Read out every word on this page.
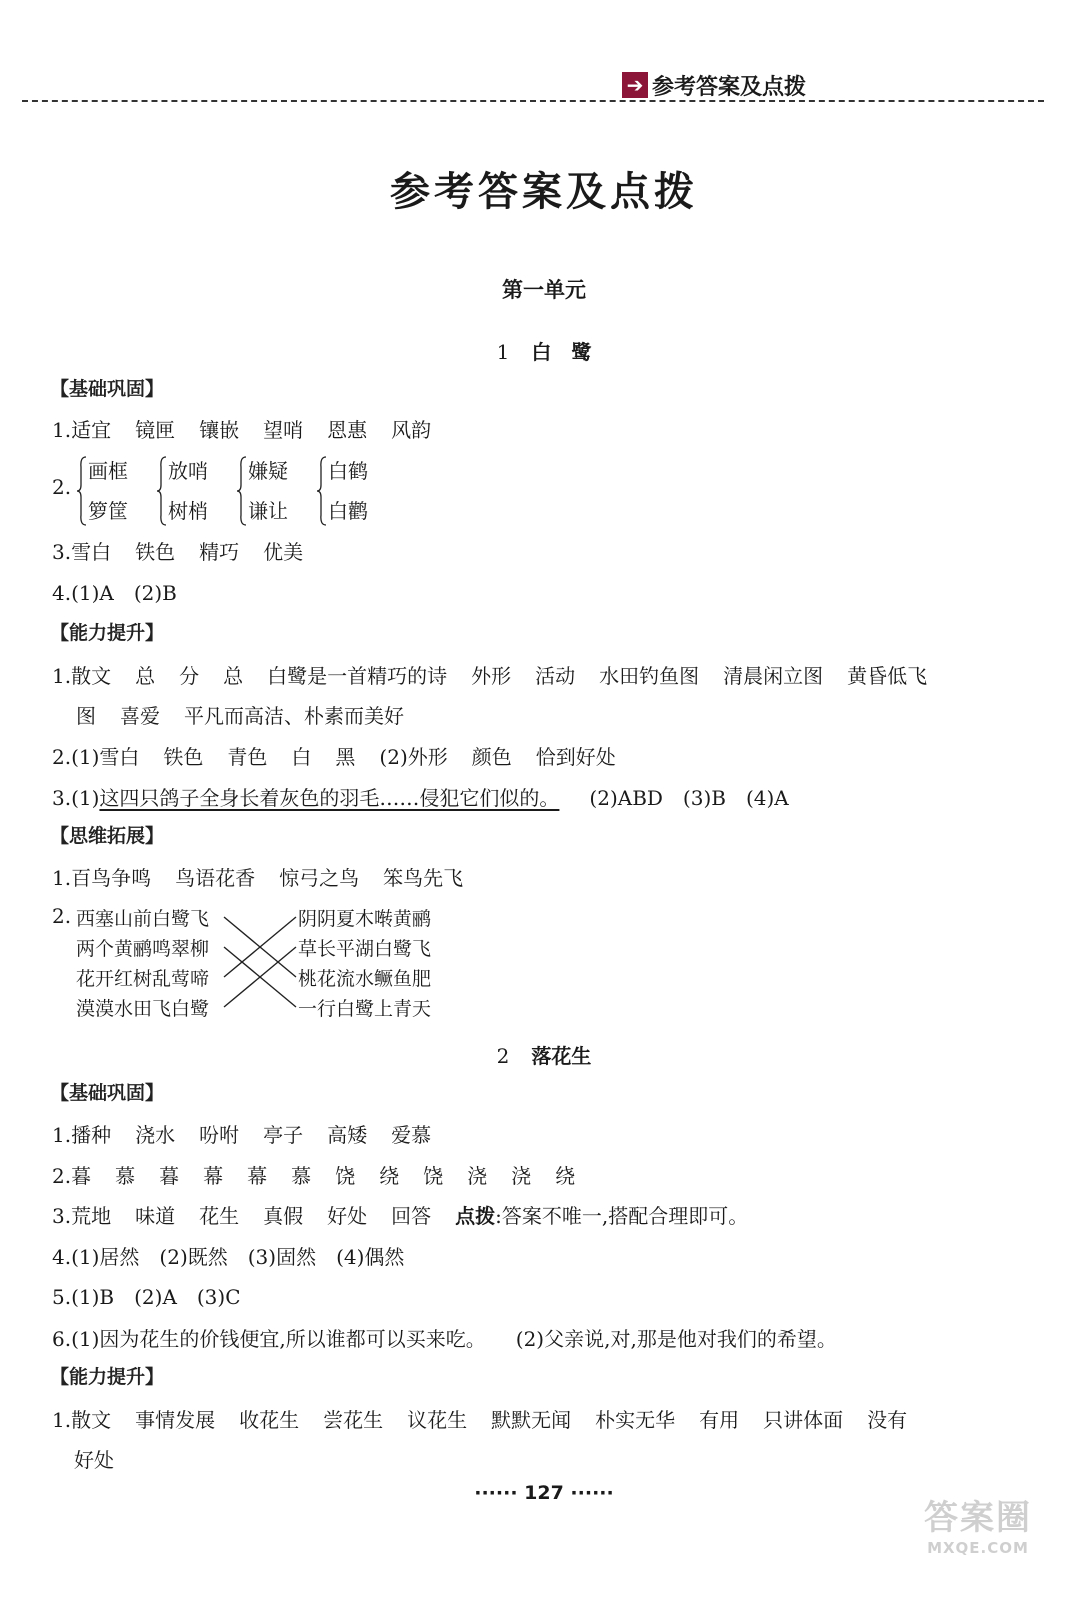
➔ 参考答案及点拨
参考答案及点拨
第一单元
1 白　鹭
【基础巩固】
1.适宜 镜匣 镶嵌 望哨 恩惠 风韵
2.
画框
箩筐
放哨
树梢
嫌疑
谦让
白鹤
白鹳
3.雪白 铁色 精巧 优美
4.(1)A　(2)B
【能力提升】
1.散文 总 分 总 白鹭是一首精巧的诗 外形 活动 水田钓鱼图 清晨闲立图 黄昏低飞
图 喜爱 平凡而高洁、朴素而美好
2.(1)雪白 铁色 青色 白 黑 (2)外形 颜色 恰到好处
3.(1)这四只鸽子全身长着灰色的羽毛……侵犯它们似的。 (2)ABD　(3)B　(4)A
【思维拓展】
1.百鸟争鸣 鸟语花香 惊弓之鸟 笨鸟先飞
2. 西塞山前白鹭飞
两个黄鹂鸣翠柳
花开红树乱莺啼
漠漠水田飞白鹭
阴阴夏木啭黄鹂
草长平湖白鹭飞
桃花流水鳜鱼肥
一行白鹭上青天
2 落花生
【基础巩固】
1.播种 浇水 吩咐 亭子 高矮 爱慕
2.暮 慕 暮 幕 幕 慕 饶 绕 饶 浇 浇 绕
3.荒地 味道 花生 真假 好处 回答 点拨:答案不唯一,搭配合理即可。
4.(1)居然　(2)既然　(3)固然　(4)偶然
5.(1)B　(2)A　(3)C
6.(1)因为花生的价钱便宜,所以谁都可以买来吃。 (2)父亲说,对,那是他对我们的希望。
【能力提升】
1.散文 事情发展 收花生 尝花生 议花生 默默无闻 朴实无华 有用 只讲体面 没有
好处
······ 127 ······
答案圈
MXQE.COM
